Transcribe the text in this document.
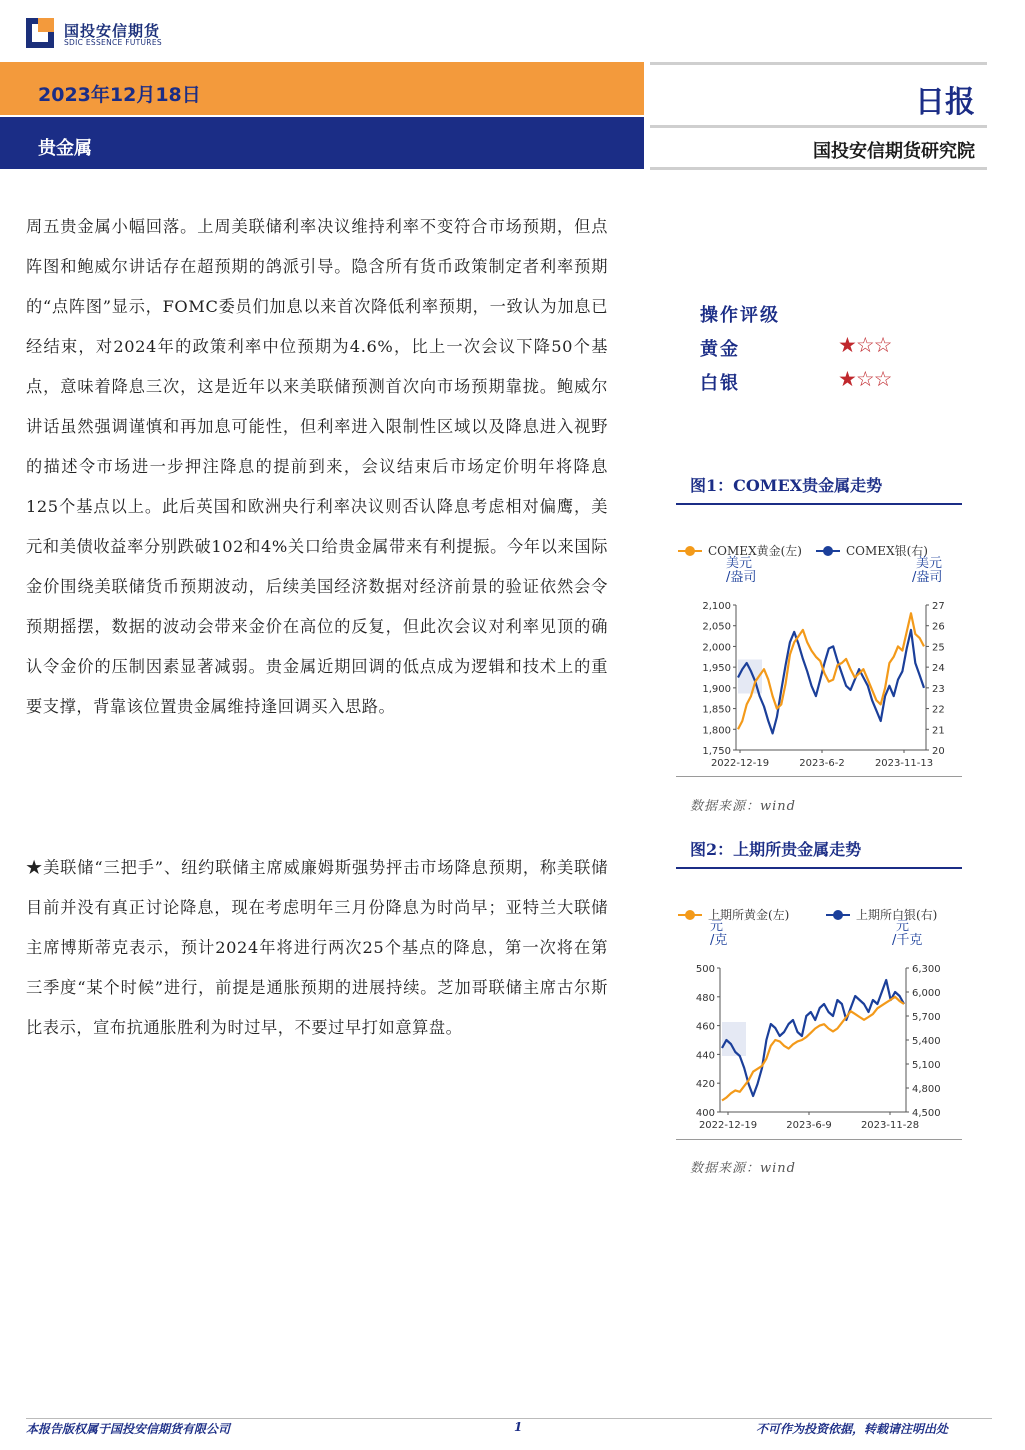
国投安信期货
SDIC ESSENCE FUTURES
2023年12月18日
贵金属
日报
国投安信期货研究院
周五贵金属小幅回落。上周美联储利率决议维持利率不变符合市场预期，但点阵图和鲍威尔讲话存在超预期的鸽派引导。隐含所有货币政策制定者利率预期的“点阵图”显示，FOMC委员们加息以来首次降低利率预期，一致认为加息已经结束，对2024年的政策利率中位预期为4.6%，比上一次会议下降50个基点，意味着降息三次，这是近年以来美联储预测首次向市场预期靠拢。鲍威尔讲话虽然强调谨慎和再加息可能性，但利率进入限制性区域以及降息进入视野的描述令市场进一步押注降息的提前到来，会议结束后市场定价明年将降息125个基点以上。此后英国和欧洲央行利率决议则否认降息考虑相对偏鹰，美元和美债收益率分别跌破102和4%关口给贵金属带来有利提振。今年以来国际金价围绕美联储货币预期波动，后续美国经济数据对经济前景的验证依然会令预期摇摆，数据的波动会带来金价在高位的反复，但此次会议对利率见顶的确认令金价的压制因素显著减弱。贵金属近期回调的低点成为逻辑和技术上的重要支撑，背靠该位置贵金属维持逢回调买入思路。
★美联储“三把手”、纽约联储主席威廉姆斯强势抨击市场降息预期，称美联储目前并没有真正讨论降息，现在考虑明年三月份降息为时尚早；亚特兰大联储主席博斯蒂克表示，预计2024年将进行两次25个基点的降息，第一次将在第三季度“某个时候”进行，前提是通胀预期的进展持续。芝加哥联储主席古尔斯比表示，宣布抗通胀胜利为时过早，不要过早打如意算盘。
操作评级
黄金	★☆☆
白银	★☆☆
图1：COMEX贵金属走势
COMEX黄金(左)	COMEX银(右)
美元
/盎司
美元
/盎司
2,100
2,050
2,000
1,950
1,900
1,850
1,800
1,750
27
26
25
24
23
22
21
20
2022-12-19	2023-6-2	2023-11-13
数据来源：wind
图2：上期所贵金属走势
上期所黄金(左)	上期所白银(右)
元
/克
元
/千克
500
480
460
440
420
400
6,300
6,000
5,700
5,400
5,100
4,800
4,500
2022-12-19	2023-6-9	2023-11-28
数据来源：wind
本报告版权属于国投安信期货有限公司	1	不可作为投资依据，转载请注明出处
